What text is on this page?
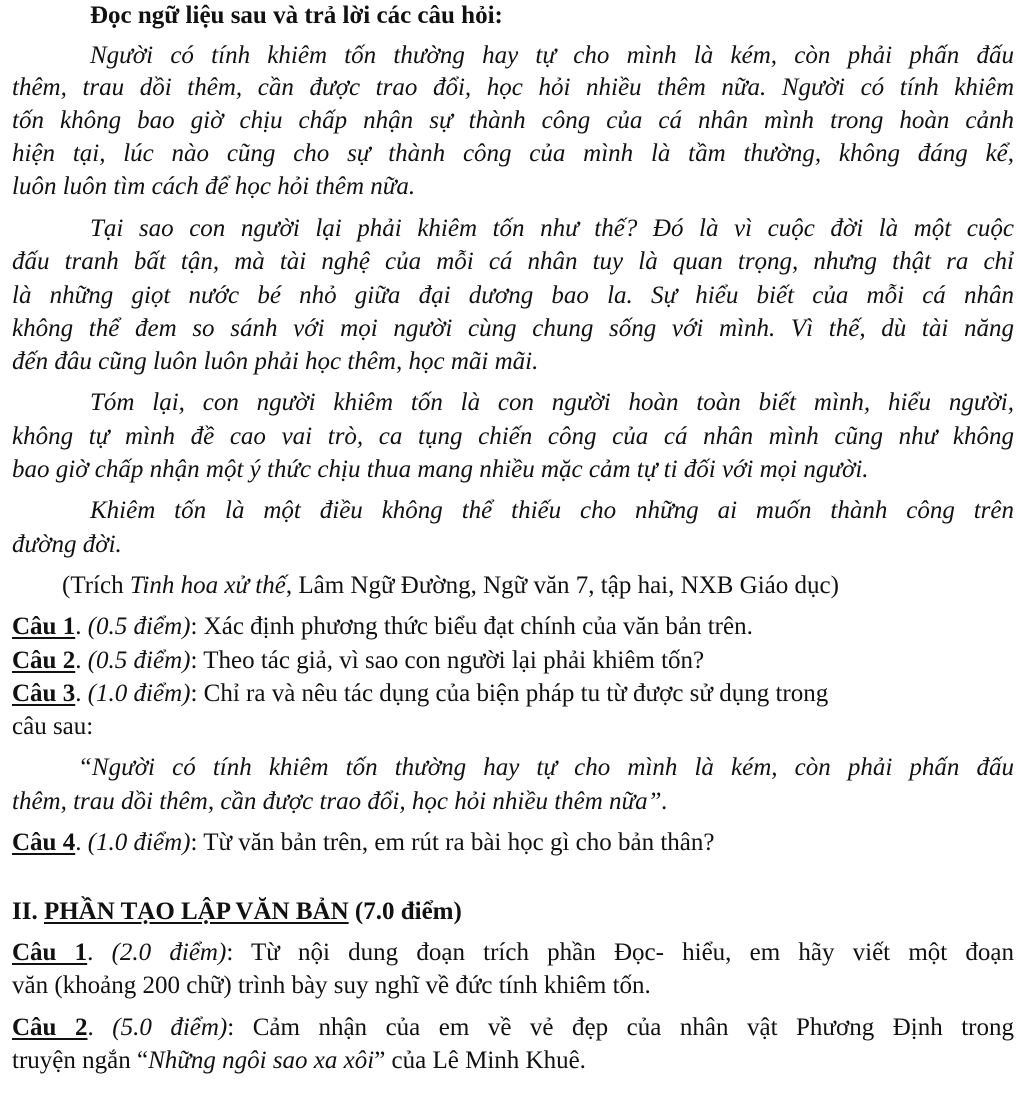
Đọc ngữ liệu sau và trả lời các câu hỏi:
Người có tính khiêm tốn thường hay tự cho mình là kém, còn phải phấn đấu
thêm, trau dồi thêm, cần được trao đổi, học hỏi nhiều thêm nữa. Người có tính khiêm
tốn không bao giờ chịu chấp nhận sự thành công của cá nhân mình trong hoàn cảnh
hiện tại, lúc nào cũng cho sự thành công của mình là tầm thường, không đáng kể,
luôn luôn tìm cách để học hỏi thêm nữa.
Tại sao con người lại phải khiêm tốn như thế? Đó là vì cuộc đời là một cuộc
đấu tranh bất tận, mà tài nghệ của mỗi cá nhân tuy là quan trọng, nhưng thật ra chỉ
là những giọt nước bé nhỏ giữa đại dương bao la. Sự hiểu biết của mỗi cá nhân
không thể đem so sánh với mọi người cùng chung sống với mình. Vì thế, dù tài năng
đến đâu cũng luôn luôn phải học thêm, học mãi mãi.
Tóm lại, con người khiêm tốn là con người hoàn toàn biết mình, hiểu người,
không tự mình đề cao vai trò, ca tụng chiến công của cá nhân mình cũng như không
bao giờ chấp nhận một ý thức chịu thua mang nhiều mặc cảm tự ti đối với mọi người.
Khiêm tốn là một điều không thể thiếu cho những ai muốn thành công trên
đường đời.
(Trích Tinh hoa xử thế, Lâm Ngữ Đường, Ngữ văn 7, tập hai, NXB Giáo dục)
Câu 1. (0.5 điểm): Xác định phương thức biểu đạt chính của văn bản trên.
Câu 2. (0.5 điểm): Theo tác giả, vì sao con người lại phải khiêm tốn?
Câu 3. (1.0 điểm): Chỉ ra và nêu tác dụng của biện pháp tu từ được sử dụng trong
câu sau:
“Người có tính khiêm tốn thường hay tự cho mình là kém, còn phải phấn đấu
thêm, trau dồi thêm, cần được trao đổi, học hỏi nhiều thêm nữa”.
Câu 4. (1.0 điểm): Từ văn bản trên, em rút ra bài học gì cho bản thân?
II. PHẦN TẠO LẬP VĂN BẢN (7.0 điểm)
Câu 1. (2.0 điểm): Từ nội dung đoạn trích phần Đọc- hiểu, em hãy viết một đoạn
văn (khoảng 200 chữ) trình bày suy nghĩ về đức tính khiêm tốn.
Câu 2. (5.0 điểm): Cảm nhận của em về vẻ đẹp của nhân vật Phương Định trong
truyện ngắn “Những ngôi sao xa xôi” của Lê Minh Khuê.
